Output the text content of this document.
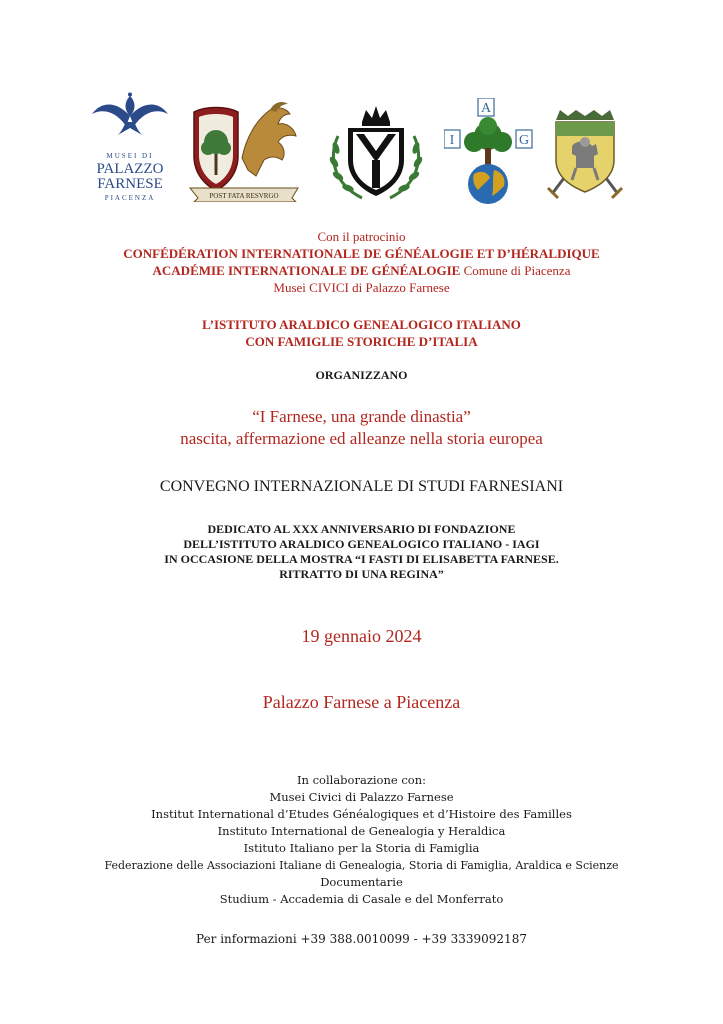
MUSEI DI
PALAZZO
FARNESE
PIACENZA	POST FATA RESVRGO
A
I	G
Con il patrocinio
CONFÉDÉRATION INTERNATIONALE DE GÉNÉALOGIE ET D’HÉRALDIQUE
ACADÉMIE INTERNATIONALE DE GÉNÉALOGIE Comune di Piacenza
Musei CIVICI di Palazzo Farnese
L’ISTITUTO ARALDICO GENEALOGICO ITALIANO
CON FAMIGLIE STORICHE D’ITALIA
ORGANIZZANO
“I Farnese, una grande dinastia”
nascita, affermazione ed alleanze nella storia europea
CONVEGNO INTERNAZIONALE DI STUDI FARNESIANI
DEDICATO AL XXX ANNIVERSARIO DI FONDAZIONE
DELL’ISTITUTO ARALDICO GENEALOGICO ITALIANO - IAGI
IN OCCASIONE DELLA MOSTRA “I FASTI DI ELISABETTA FARNESE.
RITRATTO DI UNA REGINA”
19 gennaio 2024
Palazzo Farnese a Piacenza
In collaborazione con:
Musei Civici di Palazzo Farnese
Institut International d’Etudes Généalogiques et d’Histoire des Familles
Instituto International de Genealogia y Heraldica
Istituto Italiano per la Storia di Famiglia
Federazione delle Associazioni Italiane di Genealogia, Storia di Famiglia, Araldica e Scienze
Documentarie
Studium - Accademia di Casale e del Monferrato
Per informazioni +39 388.0010099 - +39 3339092187
